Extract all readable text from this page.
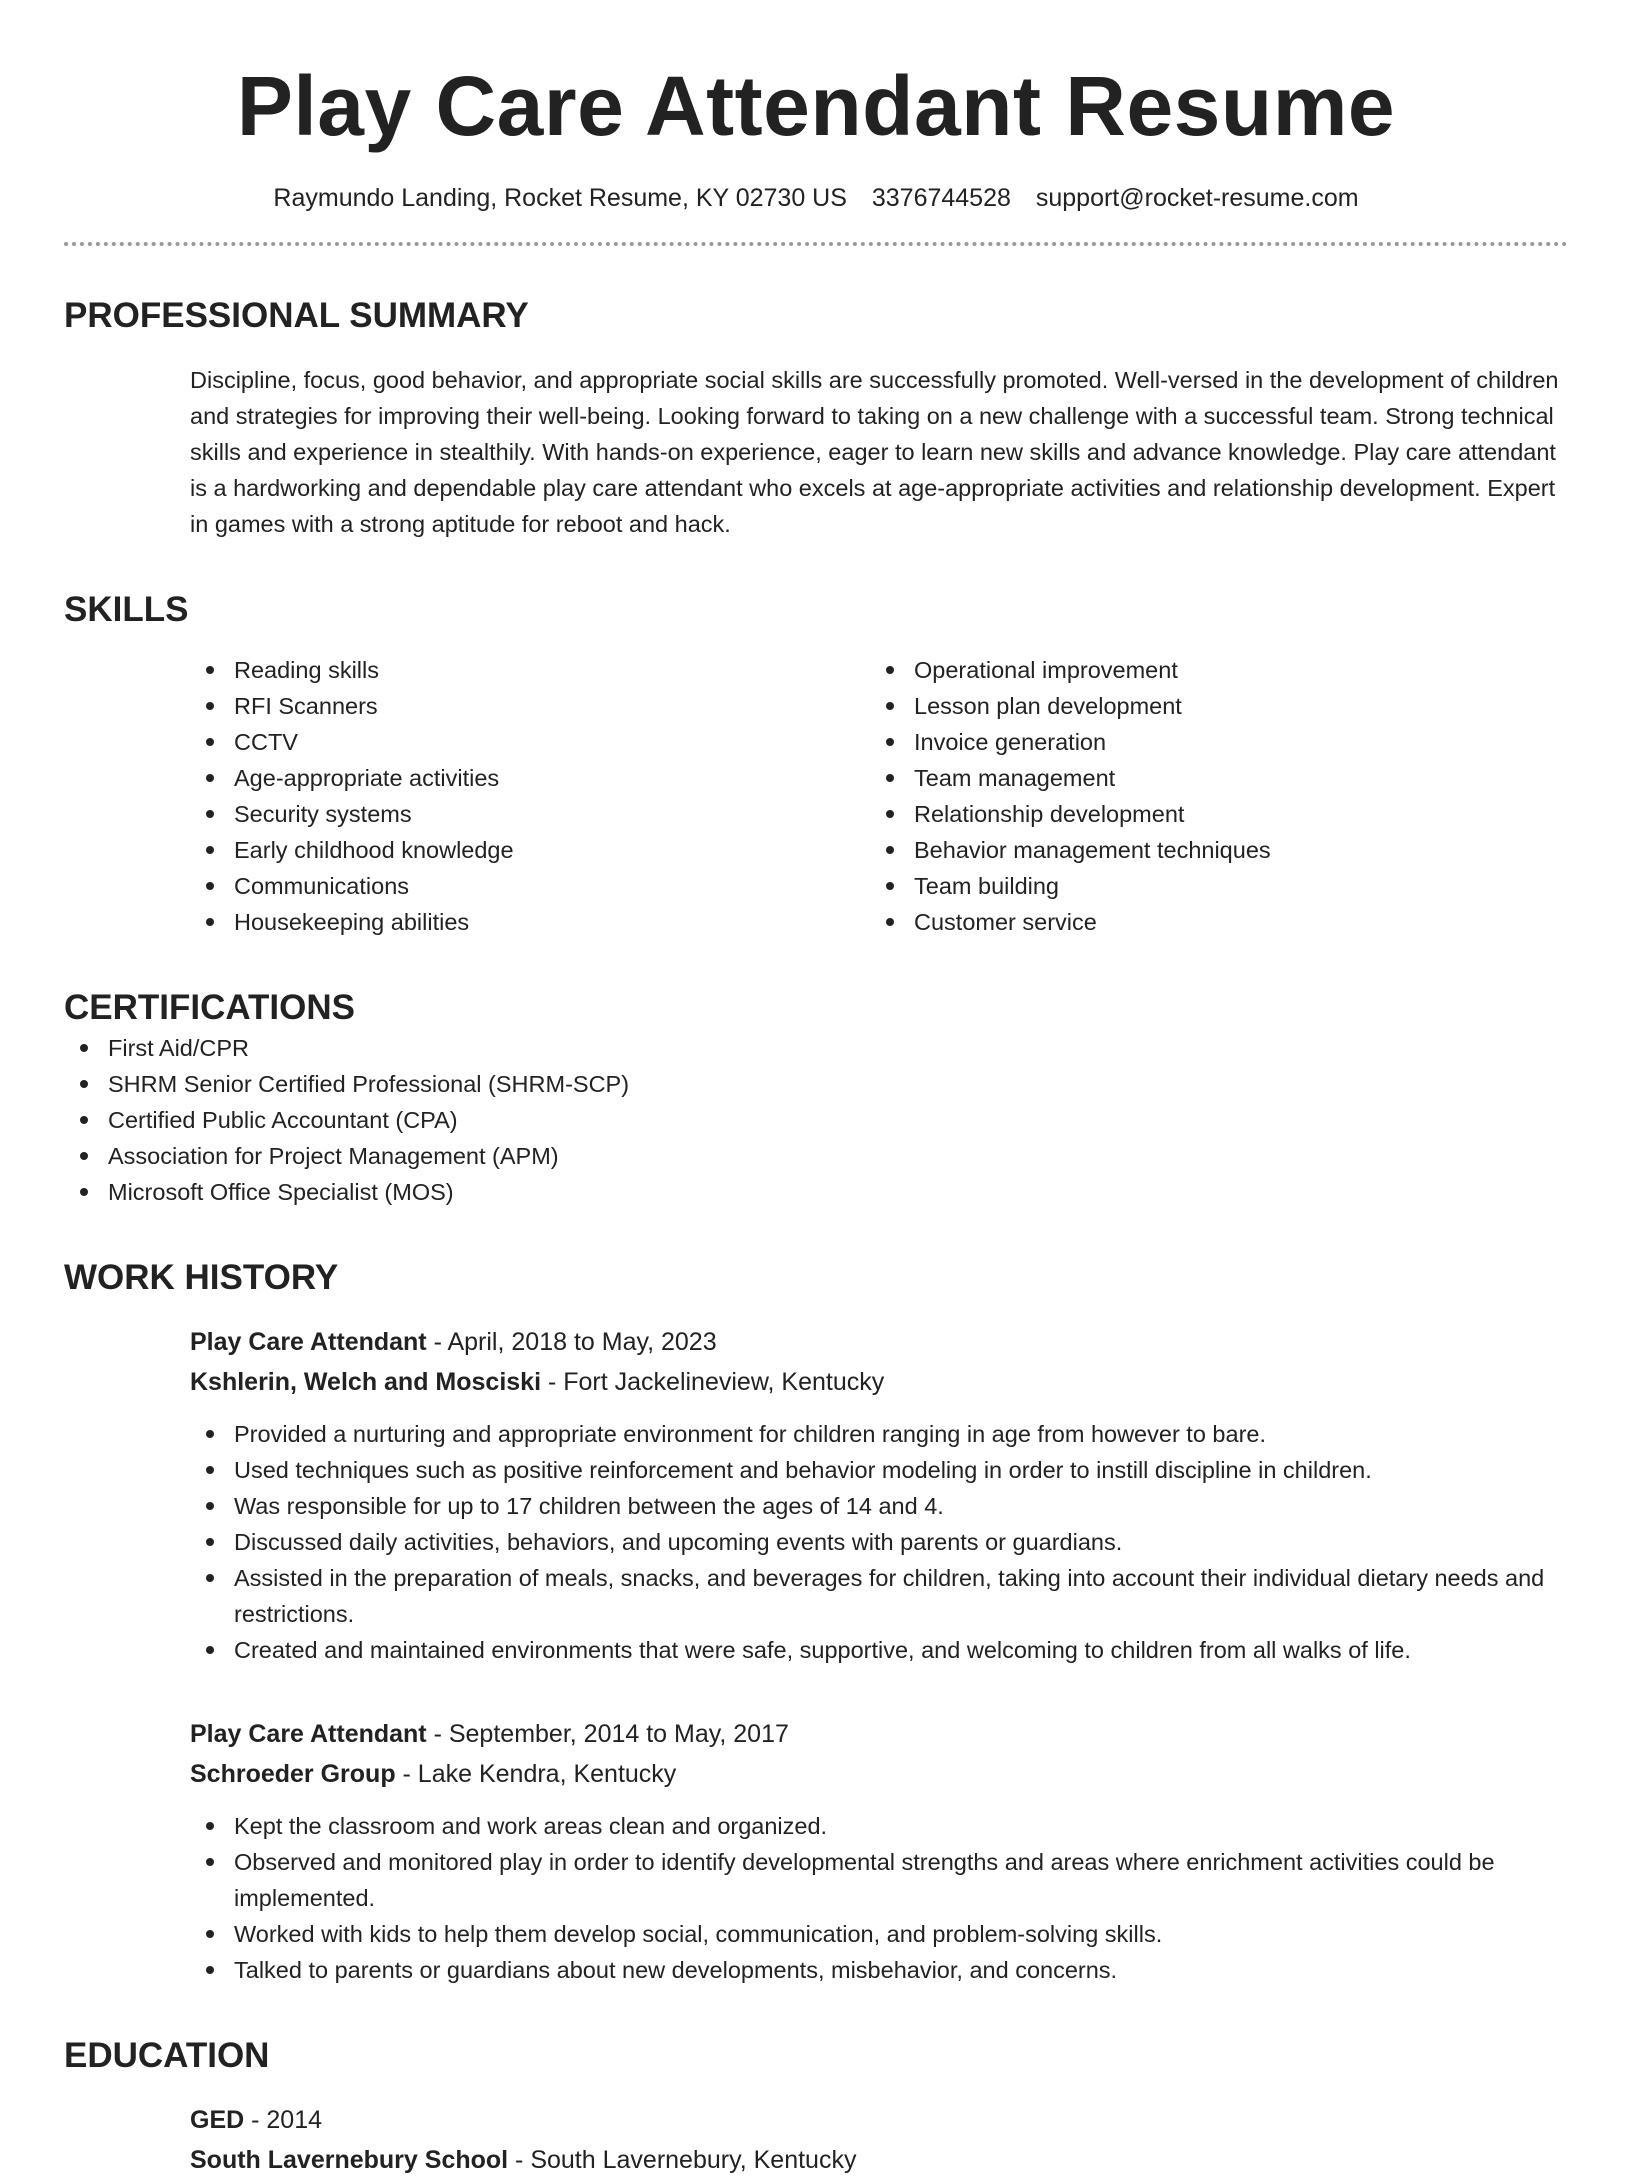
Play Care Attendant Resume
Raymundo Landing, Rocket Resume, KY 02730 US 3376744528 support@rocket-resume.com
PROFESSIONAL SUMMARY
Discipline, focus, good behavior, and appropriate social skills are successfully promoted. Well-versed in the development of children and strategies for improving their well-being. Looking forward to taking on a new challenge with a successful team. Strong technical skills and experience in stealthily. With hands-on experience, eager to learn new skills and advance knowledge. Play care attendant is a hardworking and dependable play care attendant who excels at age-appropriate activities and relationship development. Expert in games with a strong aptitude for reboot and hack.
SKILLS
Reading skills
RFI Scanners
CCTV
Age-appropriate activities
Security systems
Early childhood knowledge
Communications
Housekeeping abilities
Operational improvement
Lesson plan development
Invoice generation
Team management
Relationship development
Behavior management techniques
Team building
Customer service
CERTIFICATIONS
First Aid/CPR
SHRM Senior Certified Professional (SHRM-SCP)
Certified Public Accountant (CPA)
Association for Project Management (APM)
Microsoft Office Specialist (MOS)
WORK HISTORY
Play Care Attendant - April, 2018 to May, 2023
Kshlerin, Welch and Mosciski - Fort Jackelineview, Kentucky
Provided a nurturing and appropriate environment for children ranging in age from however to bare.
Used techniques such as positive reinforcement and behavior modeling in order to instill discipline in children.
Was responsible for up to 17 children between the ages of 14 and 4.
Discussed daily activities, behaviors, and upcoming events with parents or guardians.
Assisted in the preparation of meals, snacks, and beverages for children, taking into account their individual dietary needs and restrictions.
Created and maintained environments that were safe, supportive, and welcoming to children from all walks of life.
Play Care Attendant - September, 2014 to May, 2017
Schroeder Group - Lake Kendra, Kentucky
Kept the classroom and work areas clean and organized.
Observed and monitored play in order to identify developmental strengths and areas where enrichment activities could be implemented.
Worked with kids to help them develop social, communication, and problem-solving skills.
Talked to parents or guardians about new developments, misbehavior, and concerns.
EDUCATION
GED - 2014
South Lavernebury School - South Lavernebury, Kentucky
